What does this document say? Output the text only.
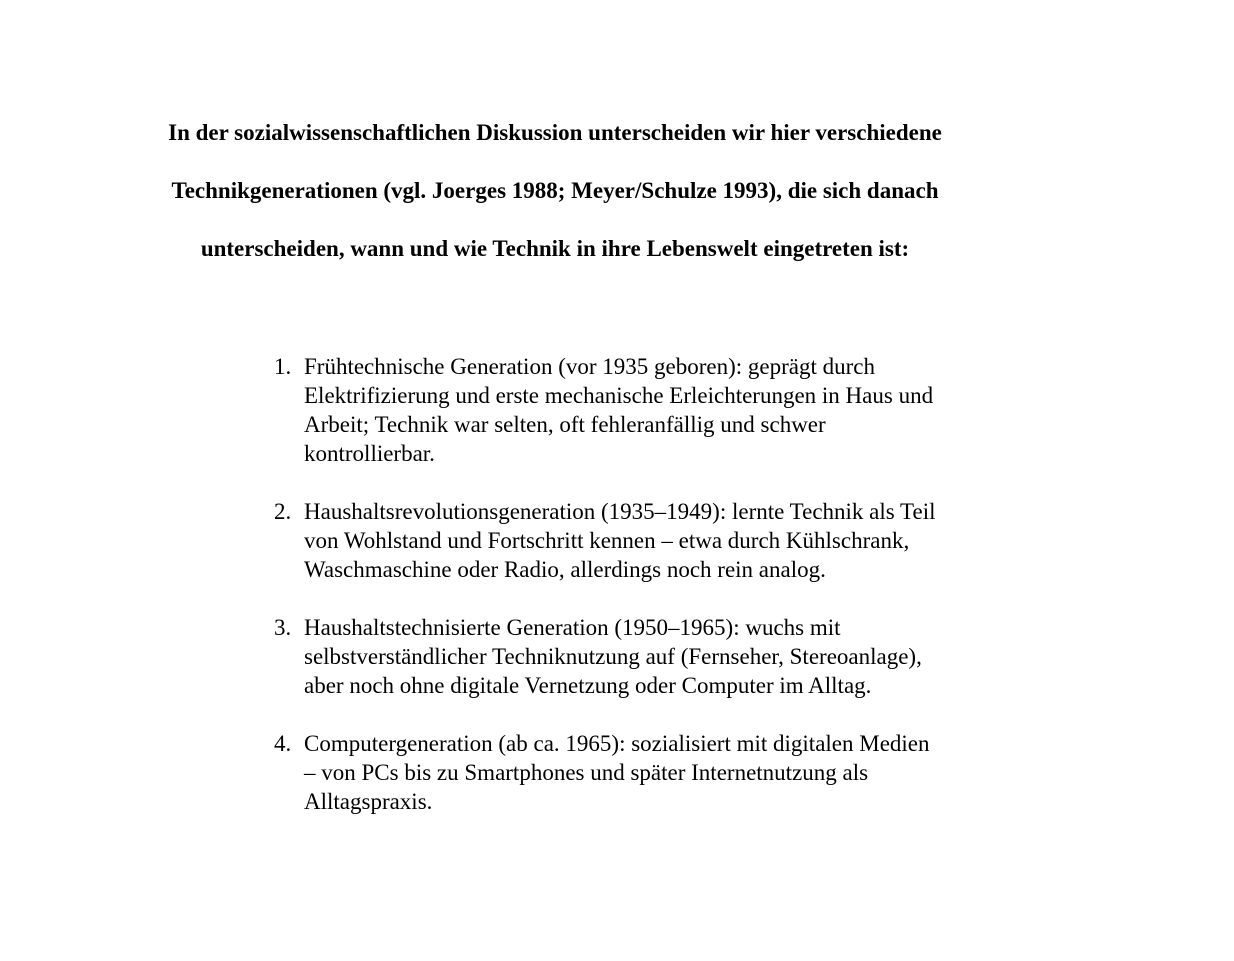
In der sozialwissenschaftlichen Diskussion unterscheiden wir hier verschiedene
Technikgenerationen (vgl. Joerges 1988; Meyer/Schulze 1993), die sich danach
unterscheiden, wann und wie Technik in ihre Lebenswelt eingetreten ist:

1. Frühtechnische Generation (vor 1935 geboren): geprägt durch
Elektrifizierung und erste mechanische Erleichterungen in Haus und
Arbeit; Technik war selten, oft fehleranfällig und schwer
kontrollierbar.
2. Haushaltsrevolutionsgeneration (1935–1949): lernte Technik als Teil
von Wohlstand und Fortschritt kennen – etwa durch Kühlschrank,
Waschmaschine oder Radio, allerdings noch rein analog.
3. Haushaltstechnisierte Generation (1950–1965): wuchs mit
selbstverständlicher Techniknutzung auf (Fernseher, Stereoanlage),
aber noch ohne digitale Vernetzung oder Computer im Alltag.
4. Computergeneration (ab ca. 1965): sozialisiert mit digitalen Medien
– von PCs bis zu Smartphones und später Internetnutzung als
Alltagspraxis.
